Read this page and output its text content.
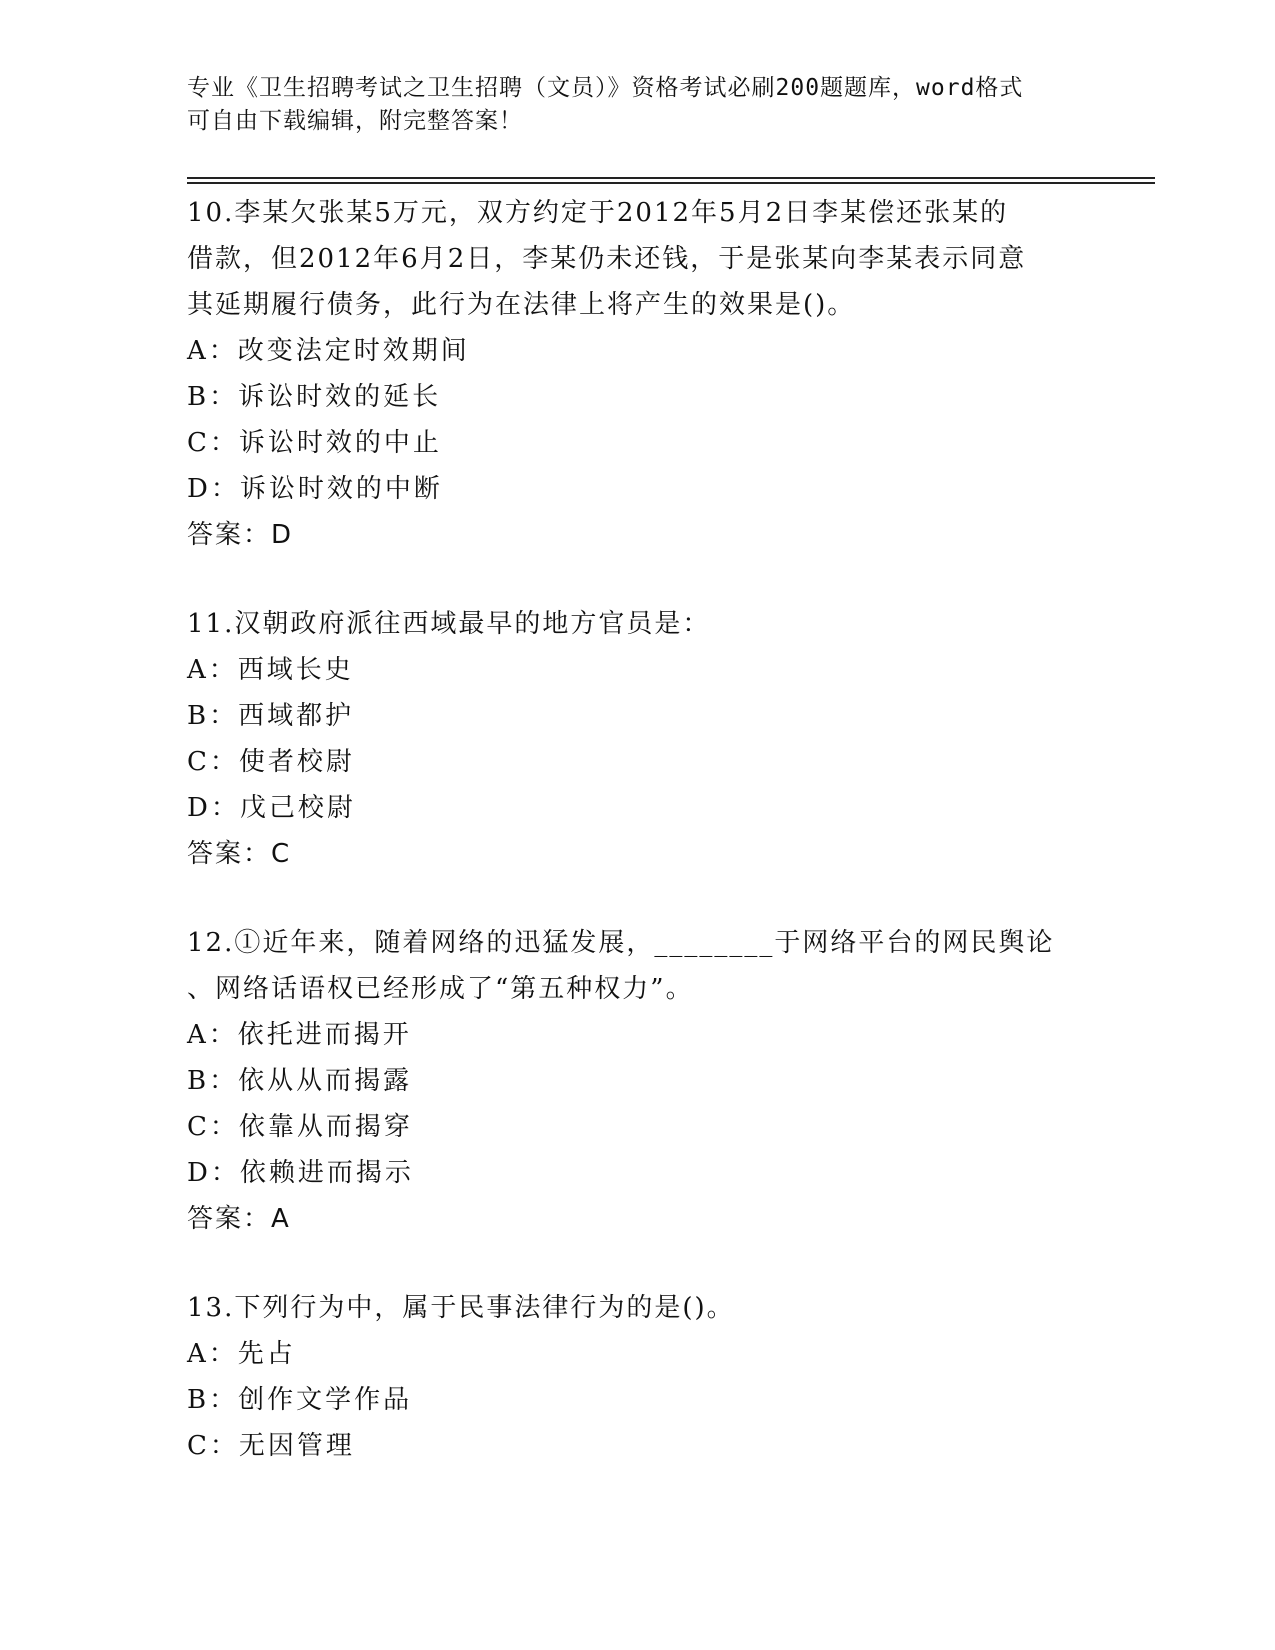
专业《卫生招聘考试之卫生招聘（文员）》资格考试必刷200题题库，word格式
可自由下载编辑，附完整答案！

10.李某欠张某5万元，双方约定于2012年5月2日李某偿还张某的

借款，但2012年6月2日，李某仍未还钱，于是张某向李某表示同意

其延期履行债务，此行为在法律上将产生的效果是()。

A：改变法定时效期间

B：诉讼时效的延长

C：诉讼时效的中止

D：诉讼时效的中断

答案：D

11.汉朝政府派往西域最早的地方官员是：

A：西域长史

B：西域都护

C：使者校尉

D：戊己校尉

答案：C

12.①近年来，随着网络的迅猛发展，________于网络平台的网民舆论

、网络话语权已经形成了“第五种权力”。

A：依托进而揭开

B：依从从而揭露

C：依靠从而揭穿

D：依赖进而揭示

答案：A

13.下列行为中，属于民事法律行为的是()。

A：先占

B：创作文学作品

C：无因管理
